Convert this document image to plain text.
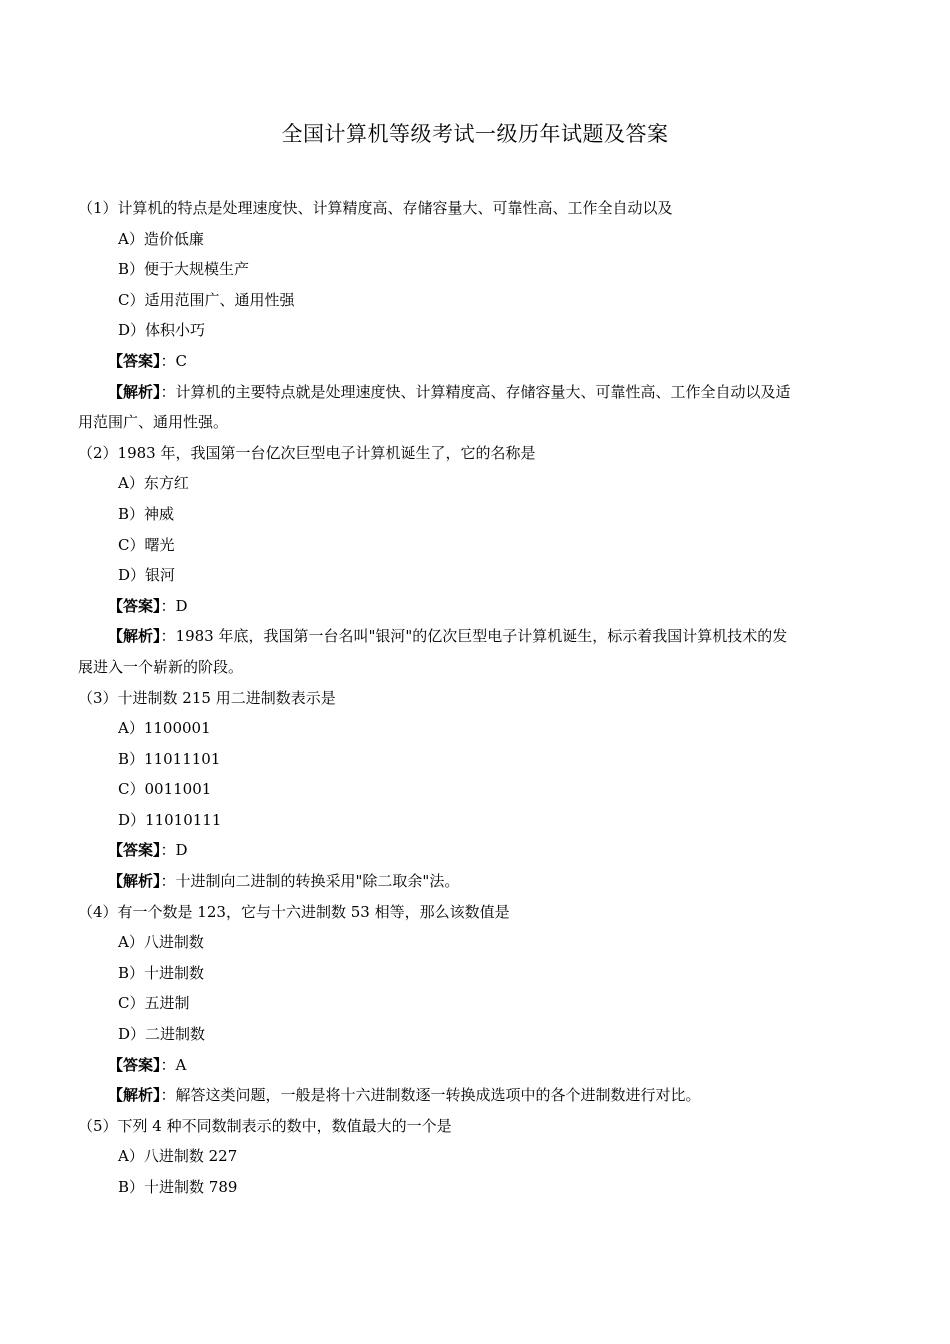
全国计算机等级考试一级历年试题及答案
（1）计算机的特点是处理速度快、计算精度高、存储容量大、可靠性高、工作全自动以及
A）造价低廉
B）便于大规模生产
C）适用范围广、通用性强
D）体积小巧
【答案】：C
【解析】：计算机的主要特点就是处理速度快、计算精度高、存储容量大、可靠性高、工作全自动以及适
用范围广、通用性强。
（2）1983 年，我国第一台亿次巨型电子计算机诞生了，它的名称是
A）东方红
B）神威
C）曙光
D）银河
【答案】：D
【解析】：1983 年底，我国第一台名叫"银河"的亿次巨型电子计算机诞生，标示着我国计算机技术的发
展进入一个崭新的阶段。
（3）十进制数 215 用二进制数表示是
A）1100001
B）11011101
C）0011001
D）11010111
【答案】：D
【解析】：十进制向二进制的转换采用"除二取余"法。
（4）有一个数是 123，它与十六进制数 53 相等，那么该数值是
A）八进制数
B）十进制数
C）五进制
D）二进制数
【答案】：A
【解析】：解答这类问题，一般是将十六进制数逐一转换成选项中的各个进制数进行对比。
（5）下列 4 种不同数制表示的数中，数值最大的一个是
A）八进制数 227
B）十进制数 789
